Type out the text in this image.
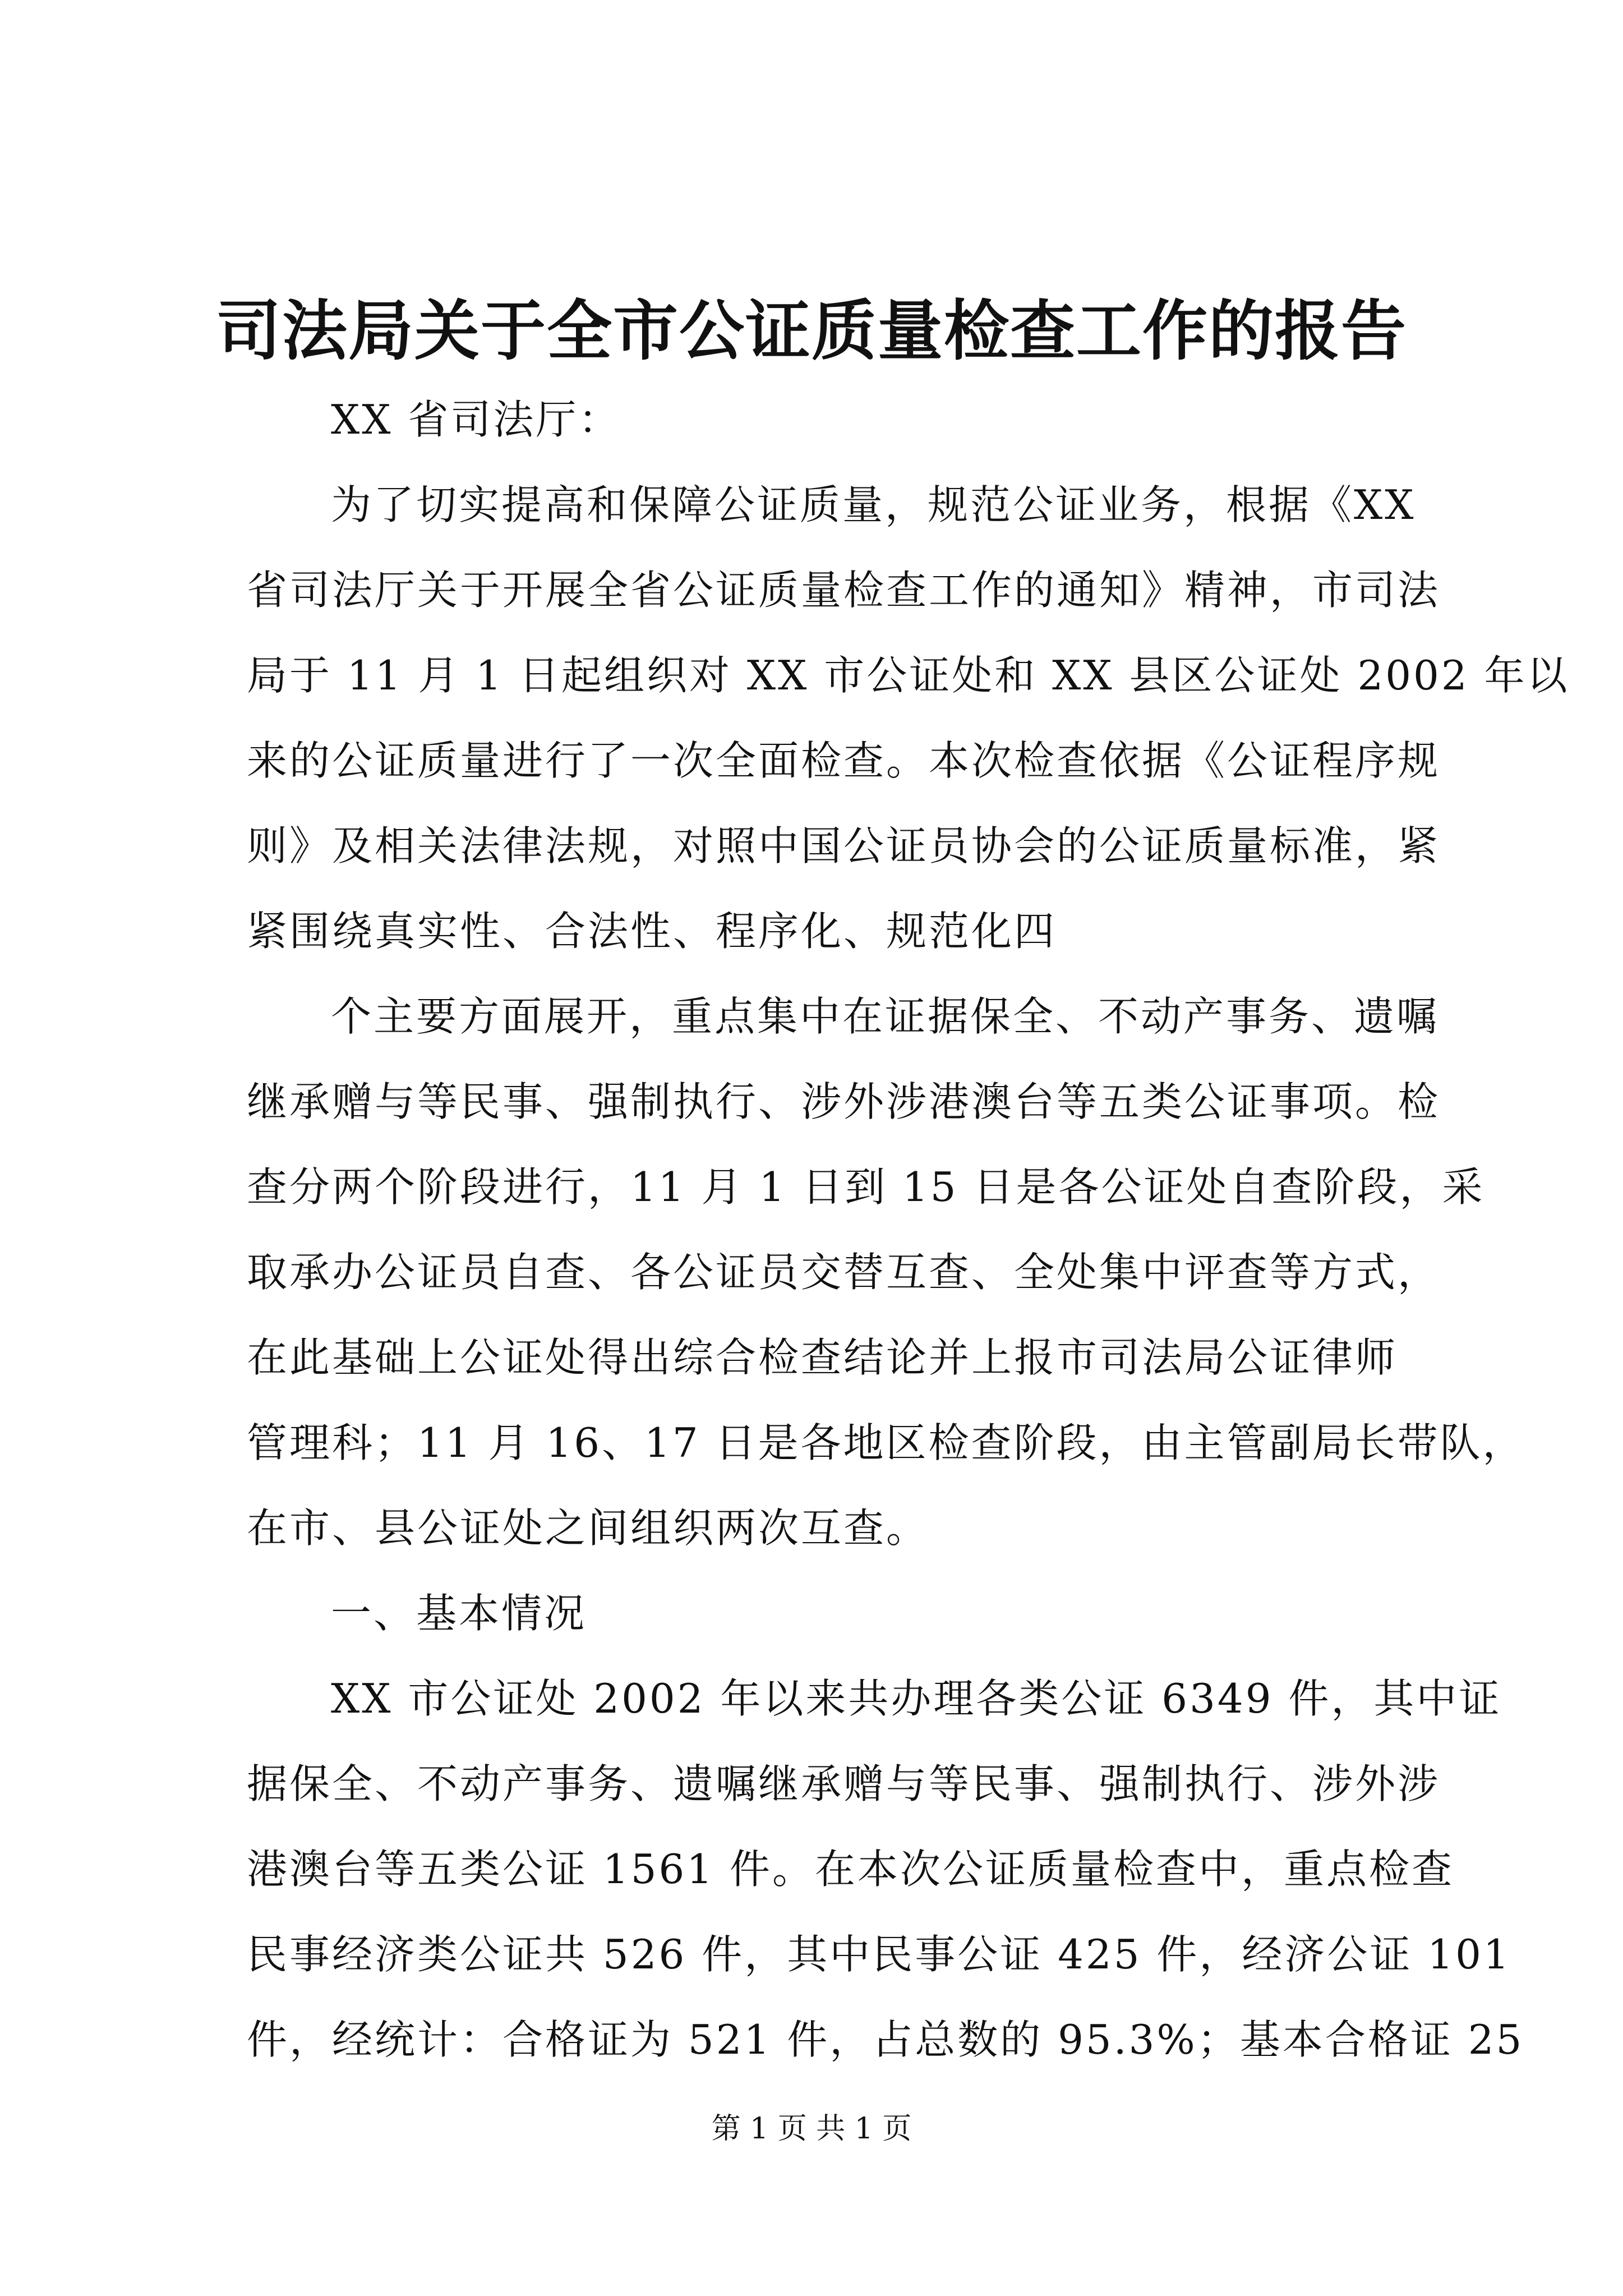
司法局关于全市公证质量检查工作的报告
XX 省司法厅：
为了切实提高和保障公证质量，规范公证业务，根据《XX
省司法厅关于开展全省公证质量检查工作的通知》精神，市司法
局于 11 月 1 日起组织对 XX 市公证处和 XX 县区公证处 2002 年以
来的公证质量进行了一次全面检查。本次检查依据《公证程序规
则》及相关法律法规，对照中国公证员协会的公证质量标准，紧
紧围绕真实性、合法性、程序化、规范化四
个主要方面展开，重点集中在证据保全、不动产事务、遗嘱
继承赠与等民事、强制执行、涉外涉港澳台等五类公证事项。检
查分两个阶段进行，11 月 1 日到 15 日是各公证处自查阶段，采
取承办公证员自查、各公证员交替互查、全处集中评查等方式，
在此基础上公证处得出综合检查结论并上报市司法局公证律师
管理科；11 月 16、17 日是各地区检查阶段，由主管副局长带队，
在市、县公证处之间组织两次互查。
一、基本情况
XX 市公证处 2002 年以来共办理各类公证 6349 件，其中证
据保全、不动产事务、遗嘱继承赠与等民事、强制执行、涉外涉
港澳台等五类公证 1561 件。在本次公证质量检查中，重点检查
民事经济类公证共 526 件，其中民事公证 425 件，经济公证 101
件，经统计：合格证为 521 件，占总数的 95.3%；基本合格证 25
第 1 页 共 1 页
